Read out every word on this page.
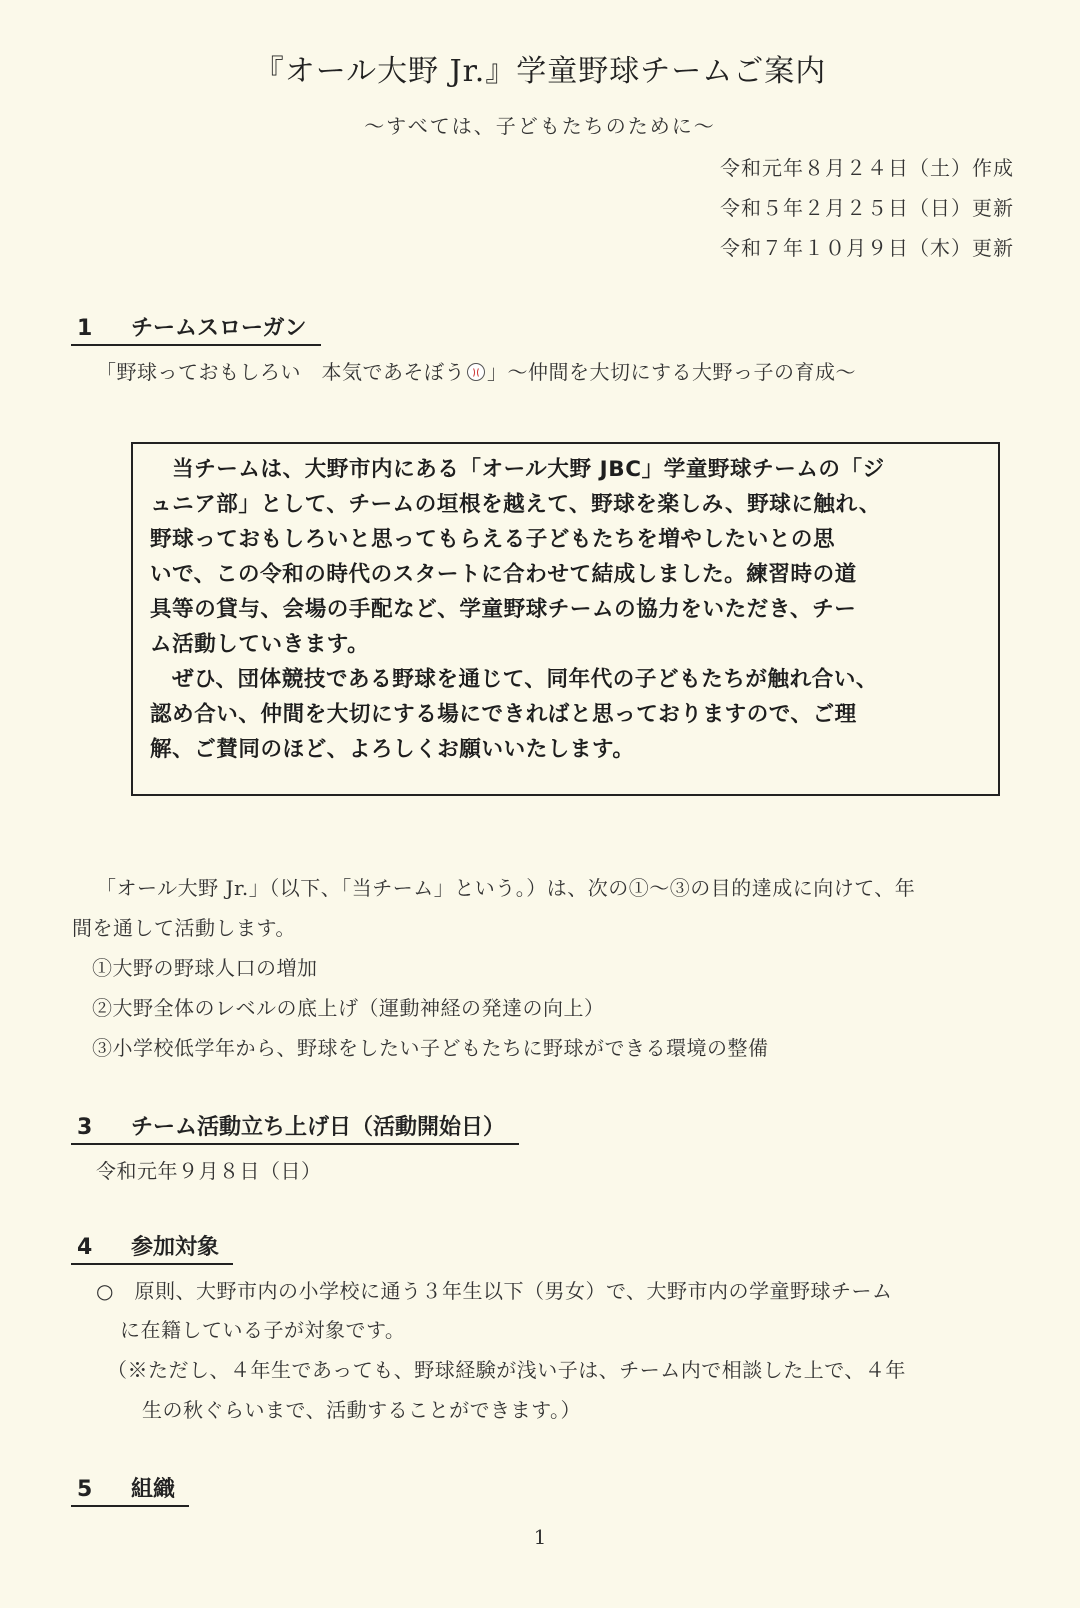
『オール大野 Jr.』学童野球チームご案内
～すべては、子どもたちのために～
令和元年８月２４日（土）作成
令和５年２月２５日（日）更新
令和７年１０月９日（木）更新
1 チームスローガン
「野球っておもしろい　本気であそぼう 」～仲間を大切にする大野っ子の育成～
　当チームは、大野市内にある「オール大野 JBC」学童野球チームの「ジ
ュニア部」として、チームの垣根を越えて、野球を楽しみ、野球に触れ、
野球っておもしろいと思ってもらえる子どもたちを増やしたいとの思
いで、この令和の時代のスタートに合わせて結成しました。練習時の道
具等の貸与、会場の手配など、学童野球チームの協力をいただき、チー
ム活動していきます。
　ぜひ、団体競技である野球を通じて、同年代の子どもたちが触れ合い、
認め合い、仲間を大切にする場にできればと思っておりますので、ご理
解、ご賛同のほど、よろしくお願いいたします。
「オール大野 Jr.」（以下、「当チーム」という。）は、次の①～③の目的達成に向けて、年
間を通して活動します。
①大野の野球人口の増加
②大野全体のレベルの底上げ（運動神経の発達の向上）
③小学校低学年から、野球をしたい子どもたちに野球ができる環境の整備
3 チーム活動立ち上げ日（活動開始日）
令和元年９月８日（日）
4 参加対象
○　原則、大野市内の小学校に通う３年生以下（男女）で、大野市内の学童野球チーム
に在籍している子が対象です。
（※ただし、４年生であっても、野球経験が浅い子は、チーム内で相談した上で、４年
生の秋ぐらいまで、活動することができます。）
5 組織
1
